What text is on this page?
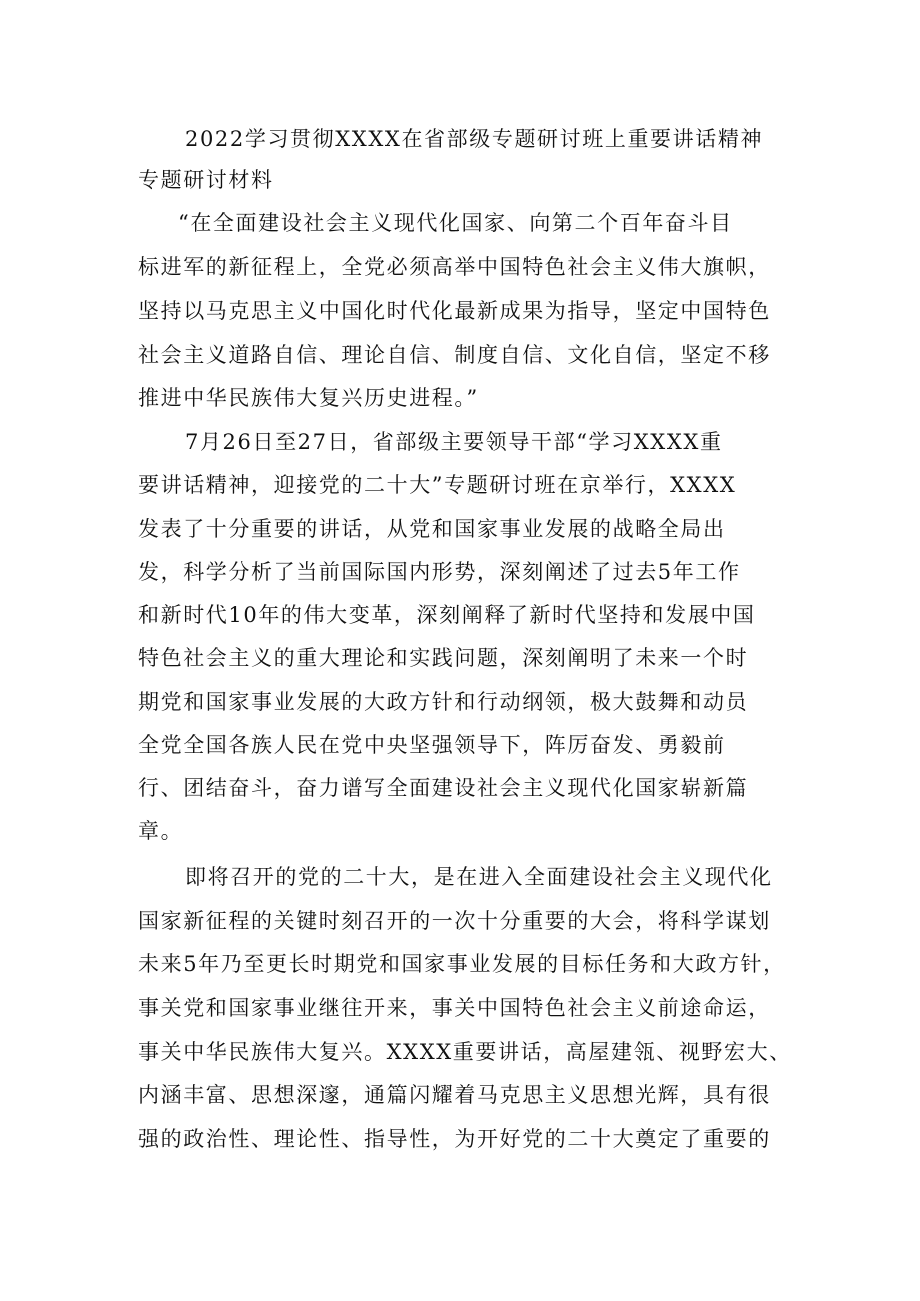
2022学习贯彻XXXX在省部级专题研讨班上重要讲话精神
专题研讨材料
“在全面建设社会主义现代化国家、向第二个百年奋斗目
标进军的新征程上，全党必须高举中国特色社会主义伟大旗帜，
坚持以马克思主义中国化时代化最新成果为指导，坚定中国特色
社会主义道路自信、理论自信、制度自信、文化自信，坚定不移
推进中华民族伟大复兴历史进程。”
7月26日至27日，省部级主要领导干部“学习XXXX重
要讲话精神，迎接党的二十大”专题研讨班在京举行，XXXX
发表了十分重要的讲话，从党和国家事业发展的战略全局出
发，科学分析了当前国际国内形势，深刻阐述了过去5年工作
和新时代10年的伟大变革，深刻阐释了新时代坚持和发展中国
特色社会主义的重大理论和实践问题，深刻阐明了未来一个时
期党和国家事业发展的大政方针和行动纲领，极大鼓舞和动员
全党全国各族人民在党中央坚强领导下，阵厉奋发、勇毅前
行、团结奋斗，奋力谱写全面建设社会主义现代化国家崭新篇
章。
即将召开的党的二十大，是在进入全面建设社会主义现代化
国家新征程的关键时刻召开的一次十分重要的大会，将科学谋划
未来5年乃至更长时期党和国家事业发展的目标任务和大政方针，
事关党和国家事业继往开来，事关中国特色社会主义前途命运，
事关中华民族伟大复兴。XXXX重要讲话，高屋建瓴、视野宏大、
内涵丰富、思想深邃，通篇闪耀着马克思主义思想光辉，具有很
强的政治性、理论性、指导性，为开好党的二十大奠定了重要的
